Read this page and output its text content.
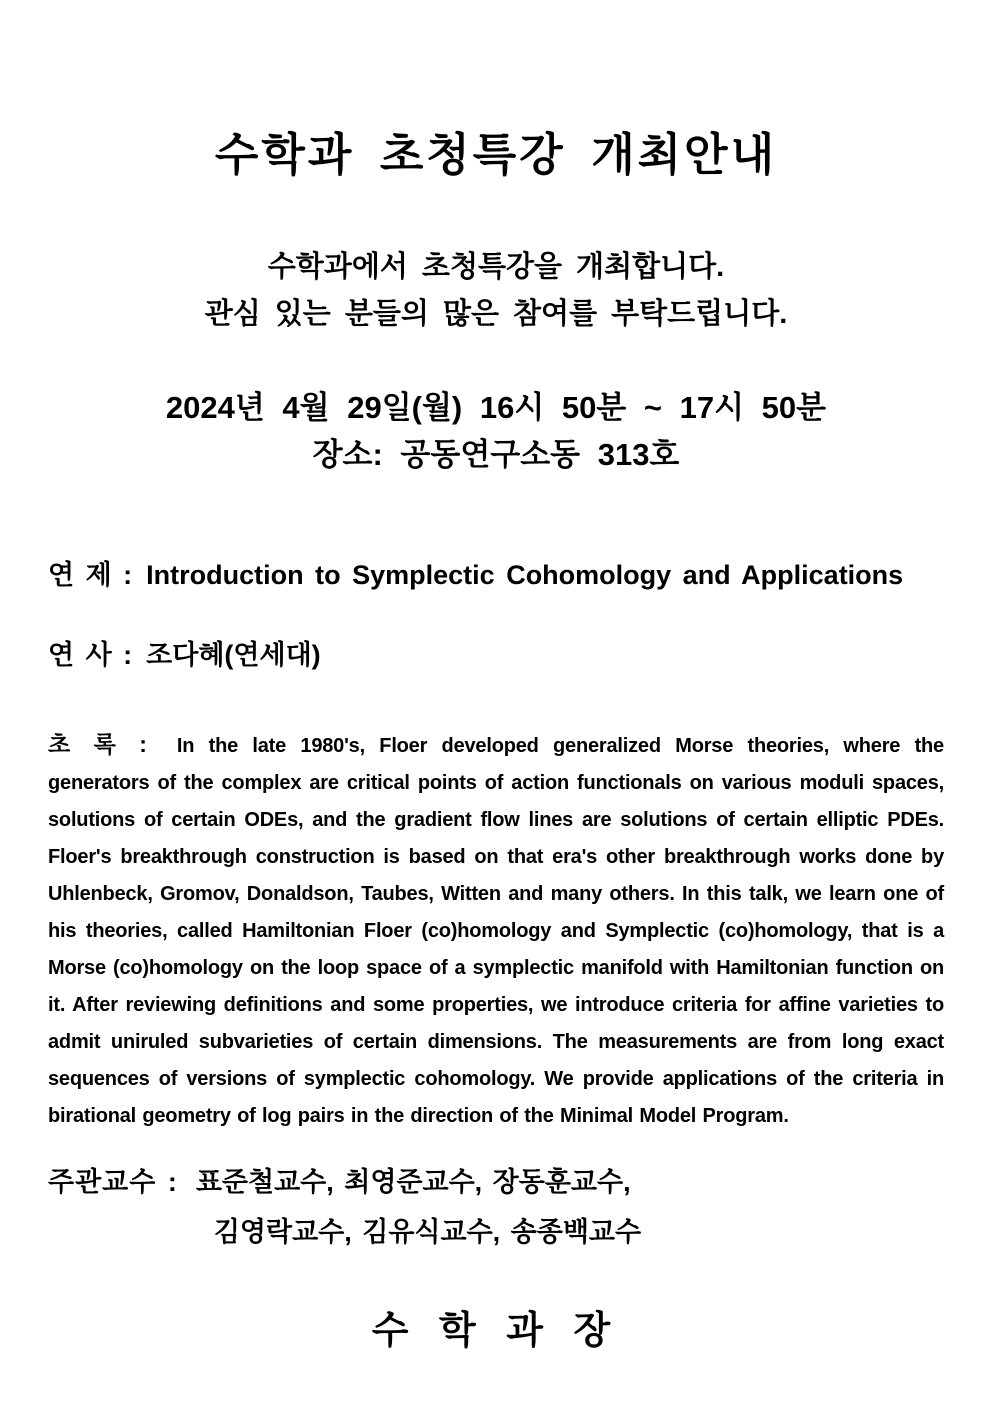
수학과 초청특강 개최안내
수학과에서 초청특강을 개최합니다.
관심 있는 분들의 많은 참여를 부탁드립니다.
2024년 4월 29일(월) 16시 50분 ~ 17시 50분
장소: 공동연구소동 313호
연 제 : Introduction to Symplectic Cohomology and Applications
연 사 : 조다혜(연세대)

초 록 : In the late 1980's, Floer developed generalized Morse theories, where the generators of the complex are critical points of action functionals on various moduli spaces, solutions of certain ODEs, and the gradient flow lines are solutions of certain elliptic PDEs. Floer's breakthrough construction is based on that era's other breakthrough works done by Uhlenbeck, Gromov, Donaldson, Taubes, Witten and many others. In this talk, we learn one of his theories, called Hamiltonian Floer (co)homology and Symplectic (co)homology, that is a Morse (co)homology on the loop space of a symplectic manifold with Hamiltonian function on it. After reviewing definitions and some properties, we introduce criteria for affine varieties to admit uniruled subvarieties of certain dimensions. The measurements are from long exact sequences of versions of symplectic cohomology. We provide applications of the criteria in birational geometry of log pairs in the direction of the Minimal Model Program.

주관교수 : 표준철교수, 최영준교수, 장동훈교수,
김영락교수, 김유식교수, 송종백교수
수 학 과 장
